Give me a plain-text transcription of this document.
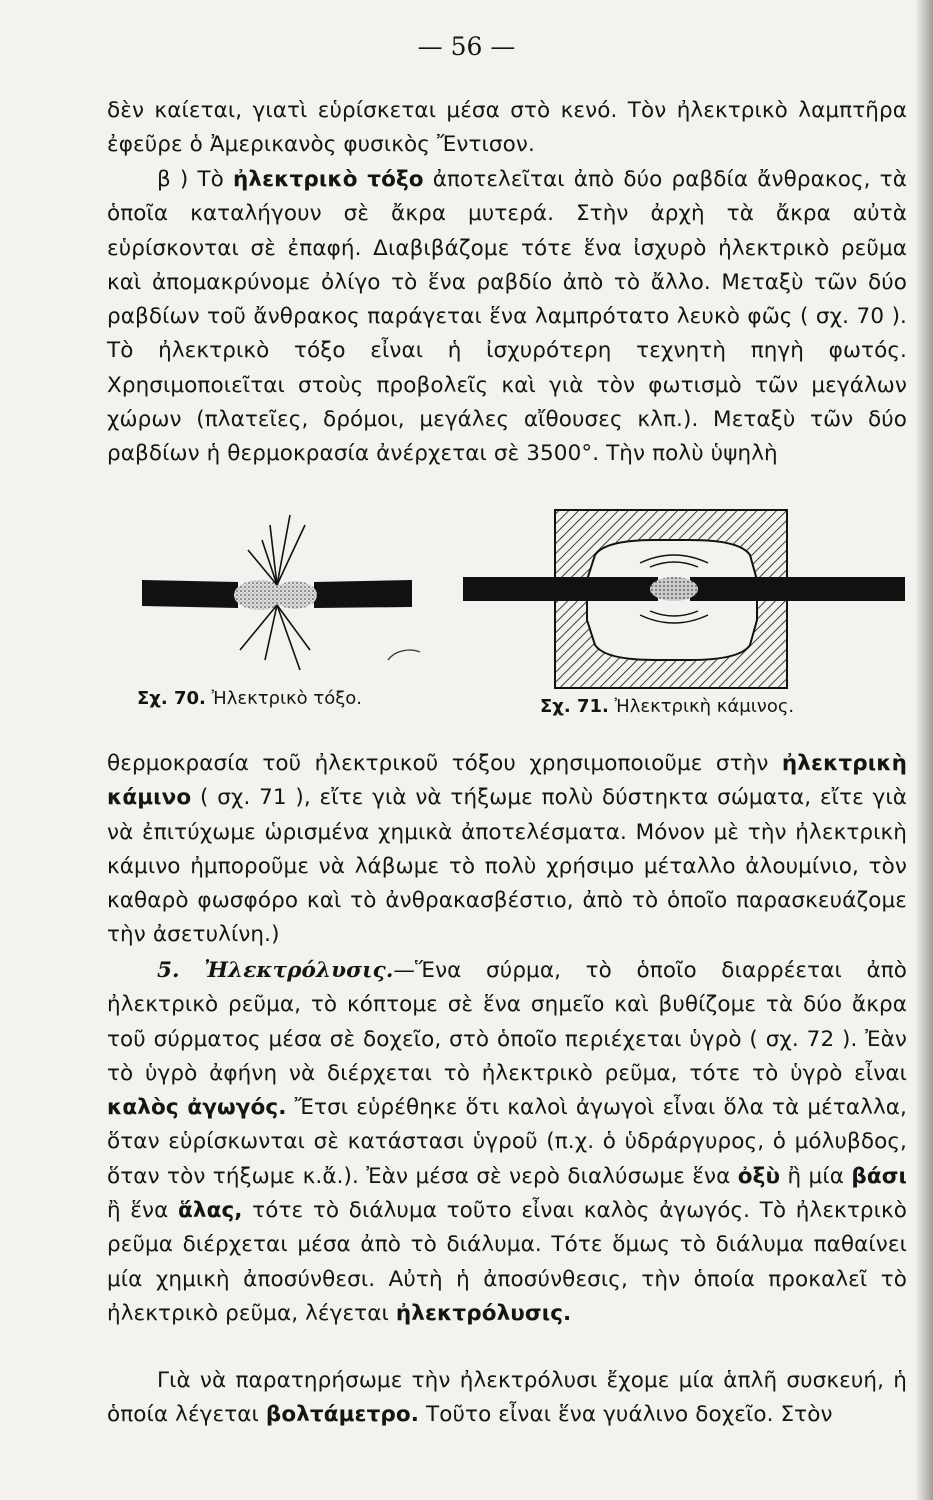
— 56 —

δὲν καίεται, γιατὶ εὑρίσκεται μέσα στὸ κενό. Τὸν ἠλεκτρικὸ λαμπτῆρα ἐφεῦρε ὁ Ἀμερικανὸς φυσικὸς Ἔντισον.

β ) Τὸ ἠλεκτρικὸ τόξο ἀποτελεῖται ἀπὸ δύο ραβδία ἄνθρακος, τὰ ὁποῖα καταλήγουν σὲ ἄκρα μυτερά. Στὴν ἀρχὴ τὰ ἄκρα αὐτὰ εὑρίσκονται σὲ ἐπαφή. Διαβιβάζομε τότε ἕνα ἰσχυρὸ ἠλεκτρικὸ ρεῦμα καὶ ἀπομακρύνομε ὀλίγο τὸ ἕνα ραβδίο ἀπὸ τὸ ἄλλο. Μεταξὺ τῶν δύο ραβδίων τοῦ ἄνθρακος παράγεται ἕνα λαμπρότατο λευκὸ φῶς ( σχ. 70 ). Τὸ ἠλεκτρικὸ τόξο εἶναι ἡ ἰσχυρότερη τεχνητὴ πηγὴ φωτός. Χρησιμοποιεῖται στοὺς προβολεῖς καὶ γιὰ τὸν φωτισμὸ τῶν μεγάλων χώρων (πλατεῖες, δρόμοι, μεγάλες αἴθουσες κλπ.). Μεταξὺ τῶν δύο ραβδίων ἡ θερμοκρασία ἀνέρχεται σὲ 3500°. Τὴν πολὺ ὑψηλὴ

Σχ. 70. Ἠλεκτρικὸ τόξο.	Σχ. 71. Ἠλεκτρικὴ κάμινος.

θερμοκρασία τοῦ ἠλεκτρικοῦ τόξου χρησιμοποιοῦμε στὴν ἠλεκτρικὴ κάμινο ( σχ. 71 ), εἴτε γιὰ νὰ τήξωμε πολὺ δύστηκτα σώματα, εἴτε γιὰ νὰ ἐπιτύχωμε ὡρισμένα χημικὰ ἀποτελέσματα. Μόνον μὲ τὴν ἠλεκτρικὴ κάμινο ἠμποροῦμε νὰ λάβωμε τὸ πολὺ χρήσιμο μέταλλο ἀλουμίνιο, τὸν καθαρὸ φωσφόρο καὶ τὸ ἀνθρακασβέστιο, ἀπὸ τὸ ὁποῖο παρασκευάζομε τὴν ἀσετυλίνη.)

5. Ἠλεκτρόλυσις.—Ἕνα σύρμα, τὸ ὁποῖο διαρρέεται ἀπὸ ἠλεκτρικὸ ρεῦμα, τὸ κόπτομε σὲ ἕνα σημεῖο καὶ βυθίζομε τὰ δύο ἄκρα τοῦ σύρματος μέσα σὲ δοχεῖο, στὸ ὁποῖο περιέχεται ὑγρὸ ( σχ. 72 ). Ἐὰν τὸ ὑγρὸ ἀφήνη νὰ διέρχεται τὸ ἠλεκτρικὸ ρεῦμα, τότε τὸ ὑγρὸ εἶναι καλὸς ἀγωγός. Ἔτσι εὑρέθηκε ὅτι καλοὶ ἀγωγοὶ εἶναι ὅλα τὰ μέταλλα, ὅταν εὑρίσκωνται σὲ κατάστασι ὑγροῦ (π.χ. ὁ ὑδράργυρος, ὁ μόλυβδος, ὅταν τὸν τήξωμε κ.ἄ.). Ἐὰν μέσα σὲ νερὸ διαλύσωμε ἕνα ὀξὺ ἢ μία βάσι ἢ ἕνα ἅλας, τότε τὸ διάλυμα τοῦτο εἶναι καλὸς ἀγωγός. Τὸ ἠλεκτρικὸ ρεῦμα διέρχεται μέσα ἀπὸ τὸ διάλυμα. Τότε ὅμως τὸ διάλυμα παθαίνει μία χημικὴ ἀποσύνθεσι. Αὐτὴ ἡ ἀποσύνθεσις, τὴν ὁποία προκαλεῖ τὸ ἠλεκτρικὸ ρεῦμα, λέγεται ἠλεκτρόλυσις.

Γιὰ νὰ παρατηρήσωμε τὴν ἠλεκτρόλυσι ἔχομε μία ἁπλῆ συσκευή, ἡ ὁποία λέγεται βολτάμετρο. Τοῦτο εἶναι ἕνα γυάλινο δοχεῖο. Στὸν
